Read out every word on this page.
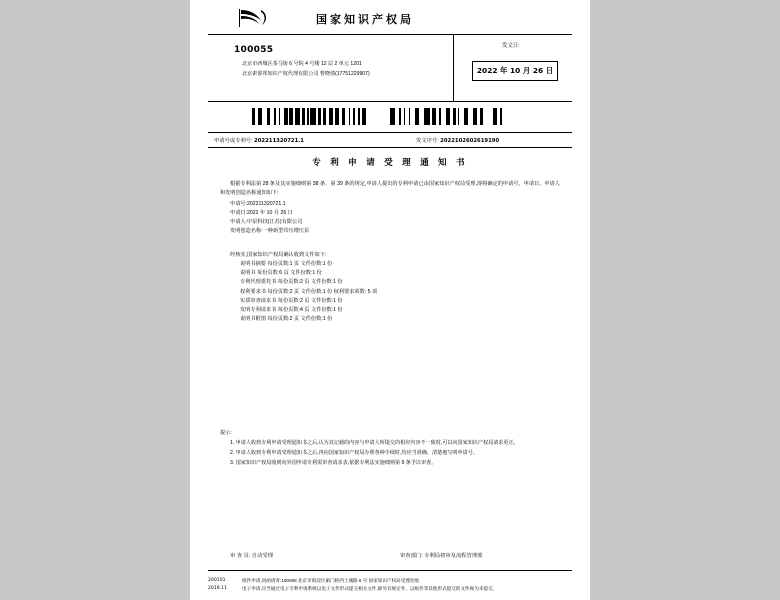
国家知识产权局
100055
北京市西城区茶马街 6 号院 4 号楼 12 层 2 单元 1201
北京索睿邦知识产权代理有限公司 曹晓倩(17751229907)
发文日:
2022 年 10 月 26 日
申请号或专利号: 202211320721.1	发文序号: 2022102602619190
专 利 申 请 受 理 通 知 书
根据专利法第 28 条及其实施细则第 38 条、第 39 条的规定,申请人提出的专利申请已由国家知识产权局受理,现将确定的申请号、申请日、申请人和发明创造名称通知如下:
申请号:202211320721.1
申请日:2022 年 10 月 26 日
申请人:中泵科技(江苏)有限公司
发明创造名称:一种新型印压增压泵
经核实,国家知识产权局确认收到文件如下:
说明书摘要 每份页数:1 页 文件份数:1 份
说明书 每份页数:6 页 文件份数:1 份
专利代理委托书 每份页数:2 页 文件份数:1 份
权利要求书 每份页数:2 页 文件份数:1 份 权利要求项数: 5 项
实质审查请求书 每份页数:2 页 文件份数:1 份
发明专利请求书 每份页数:4 页 文件份数:1 份
说明书附图 每份页数:2 页 文件份数:1 份
提示:
1. 申请人收到专利申请受理通知书之后,认为其记载的内容与申请人所提交的相应内容不一致时,可以向国家知识产权局请求更正。
2. 申请人收到专利申请受理通知书之后,再向国家知识产权局办理各种手续时,均应当准确、清楚地写明申请号。
3. 国家知识产权局收到向外国申请专利需审查请求表,依据专利法实施细则第 9 条予以审查。
审 查 员: 自动受理	审查部门: 专利局初审及流程管理部
200101
2019.11
纸件申请,回函请寄:100088 北京市海淀区蓟门桥西土城路 6 号 国家知识产权局受理处收
电子申请,应当通过电子专利申请系统以电子文件形式提交相关文件,除另有规定外、以纸件等其他形式提交的文件视为未提交。
